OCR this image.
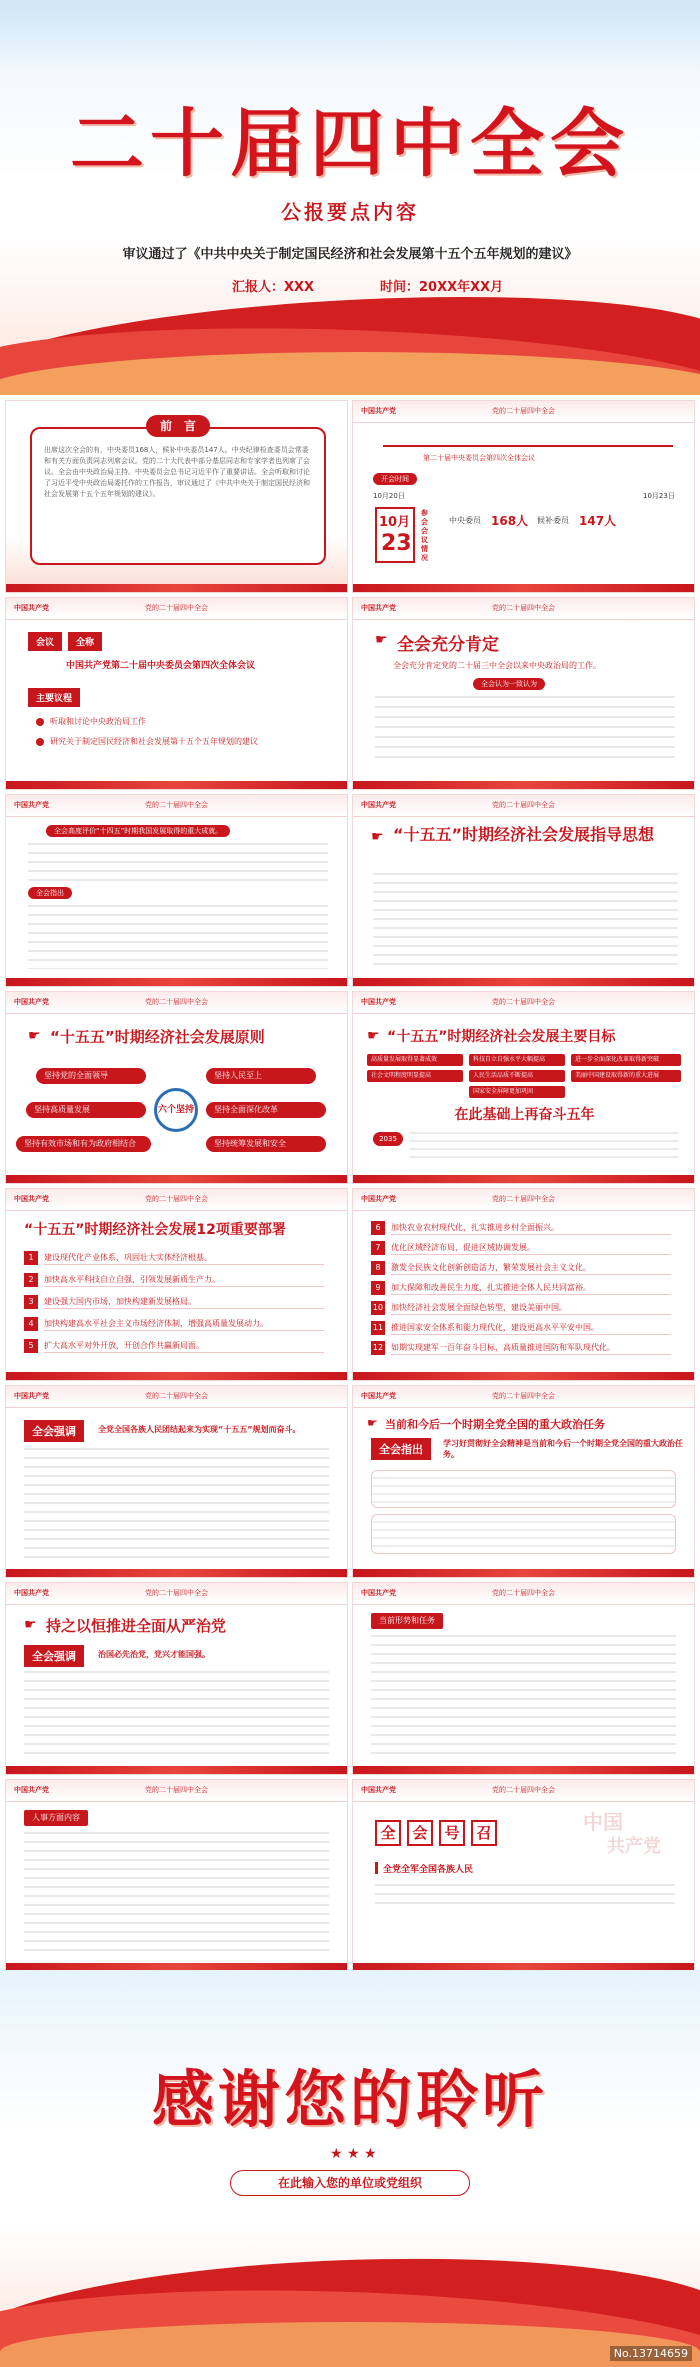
二十届四中全会
公报要点内容
审议通过了《中共中央关于制定国民经济和社会发展第十五个五年规划的建议》
汇报人：XXX	时间：20XX年XX月
前　言
出席这次全会的有，中央委员168人，候补中央委员147人。中央纪律检查委员会常委和有关方面负责同志列席会议。党的二十大代表中部分基层同志和专家学者也列席了会议。全会由中央政治局主持。中央委员会总书记习近平作了重要讲话。全会听取和讨论了习近平受中央政治局委托作的工作报告，审议通过了《中共中央关于制定国民经济和社会发展第十五个五年规划的建议》。
中国共产党	党的二十届四中全会
第二十届中央委员会第四次全体会议
开会时间
10月20日	10月23日
10月
23
参会会议情况
中央委员 168人 候补委员 147人
中国共产党	党的二十届四中全会
会议	全称
中国共产党第二十届中央委员会第四次全体会议
主要议程
听取和讨论中央政治局工作
研究关于制定国民经济和社会发展第十五个五年规划的建议
中国共产党	党的二十届四中全会
☛ 全会充分肯定
全会充分肯定党的二十届三中全会以来中央政治局的工作。
全会认为一致认为
中国共产党	党的二十届四中全会
全会高度评价“十四五”时期我国发展取得的重大成就。
全会指出
中国共产党	党的二十届四中全会
☛ “十五五”时期经济社会发展指导思想
中国共产党	党的二十届四中全会
☛ “十五五”时期经济社会发展原则
六个坚持
坚持党的全面领导	坚持人民至上
坚持高质量发展	坚持全面深化改革
坚持有效市场和有为政府相结合	坚持统筹发展和安全
中国共产党	党的二十届四中全会
☛ “十五五”时期经济社会发展主要目标
高质量发展取得显著成效	科技自立自强水平大幅提高	进一步全面深化改革取得新突破
社会文明程度明显提高	人民生活品质不断提高	美丽中国建设取得新的重大进展
国家安全屏障更加巩固
在此基础上再奋斗五年
2035
中国共产党	党的二十届四中全会
“十五五”时期经济社会发展12项重要部署
1	建设现代化产业体系，巩固壮大实体经济根基。
2	加快高水平科技自立自强，引领发展新质生产力。
3	建设强大国内市场，加快构建新发展格局。
4	加快构建高水平社会主义市场经济体制，增强高质量发展动力。
5	扩大高水平对外开放，开创合作共赢新局面。
中国共产党	党的二十届四中全会
6	加快农业农村现代化，扎实推进乡村全面振兴。
7	优化区域经济布局，促进区域协调发展。
8	激发全民族文化创新创造活力，繁荣发展社会主义文化。
9	加大保障和改善民生力度，扎实推进全体人民共同富裕。
10 加快经济社会发展全面绿色转型，建设美丽中国。
11 推进国家安全体系和能力现代化，建设更高水平平安中国。
12 如期实现建军一百年奋斗目标，高质量推进国防和军队现代化。
中国共产党	党的二十届四中全会
全会强调	全党全国各族人民团结起来为实现“十五五”规划而奋斗。
中国共产党	党的二十届四中全会
☛ 当前和今后一个时期全党全国的重大政治任务
全会指出	学习好贯彻好全会精神是当前和今后一个时期全党全国的重大政治任务。
中国共产党	党的二十届四中全会
☛ 持之以恒推进全面从严治党
全会强调	治国必先治党，党兴才能国强。
中国共产党	党的二十届四中全会
当前形势和任务
中国共产党	党的二十届四中全会
人事方面内容
中国共产党	党的二十届四中全会
中国
共产党
全	会	号	召
全党全军全国各族人民
感谢您的聆听
★ ★ ★
在此输入您的单位或党组织
No.13714659
